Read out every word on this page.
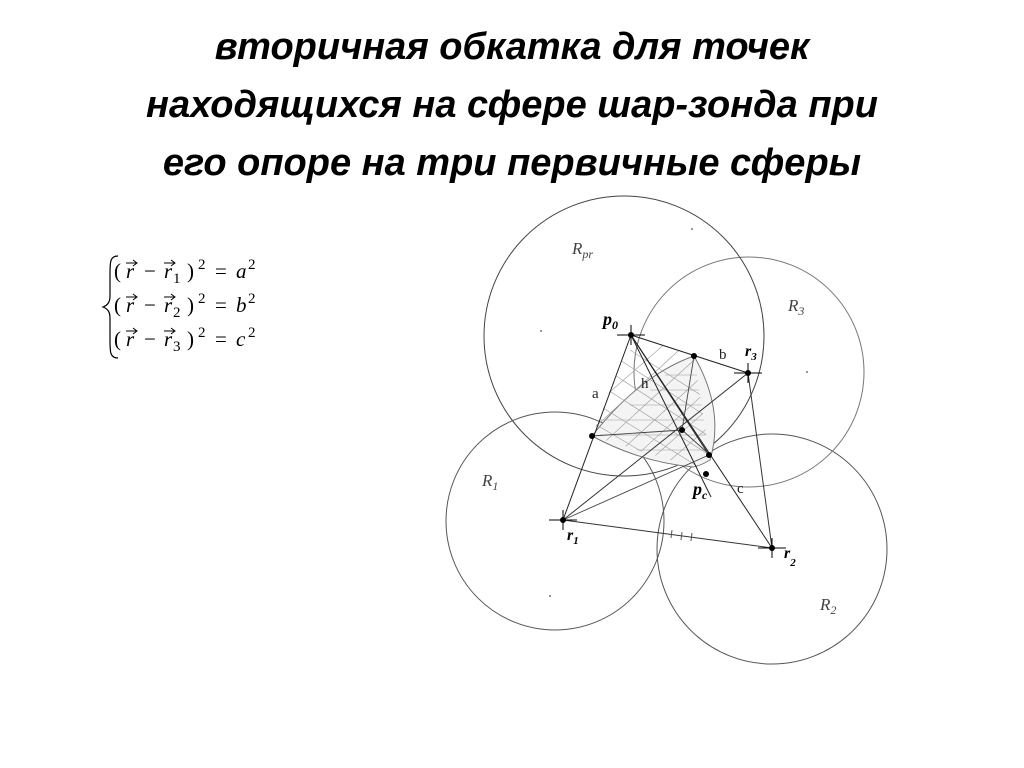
вторичная обкатка для точек
находящихся на сфере шар-зонда при
его опоре на три первичные сферы
( r − r 1 ) 2 = a 2
( r − r 2 ) 2 = b 2
( r − r 3 ) 2 = c 2
$R_{pr}$
$R_3$
$R_1$
$R_2$
$p_0$
$p_c$
$r_1$
$r_2$
$r_3$
a
b
c
h
